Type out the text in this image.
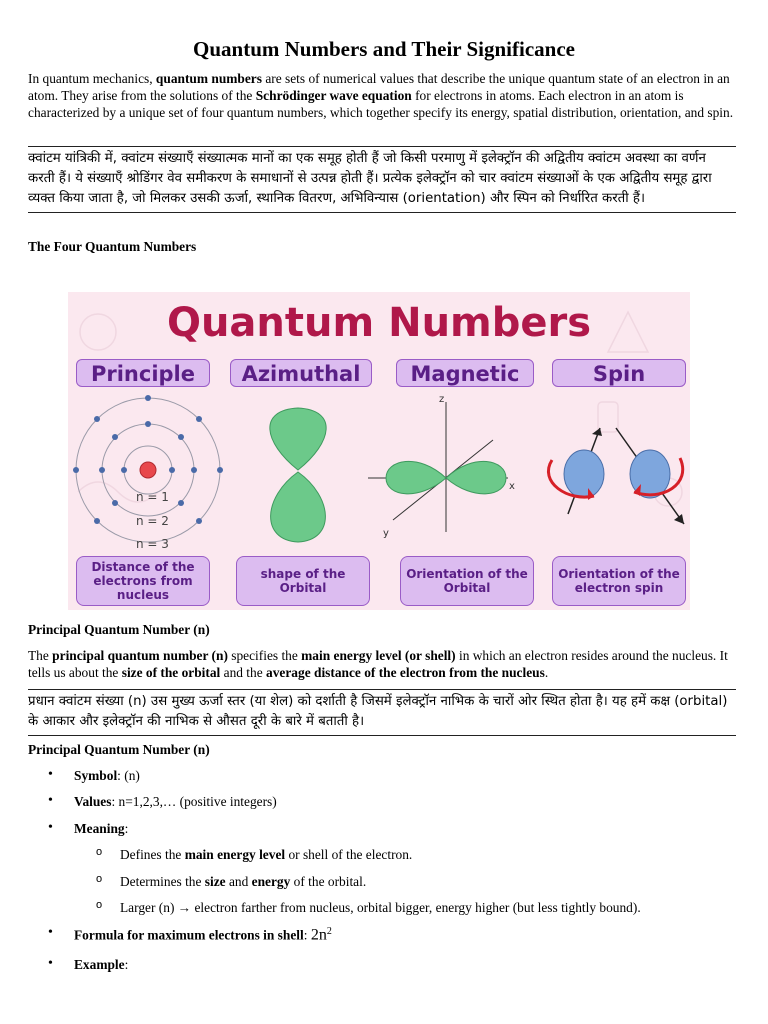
Quantum Numbers and Their Significance
In quantum mechanics, quantum numbers are sets of numerical values that describe the unique quantum state of an electron in an atom. They arise from the solutions of the Schrödinger wave equation for electrons in atoms. Each electron in an atom is characterized by a unique set of four quantum numbers, which together specify its energy, spatial distribution, orientation, and spin.
क्वांटम यांत्रिकी में, क्वांटम संख्याएँ संख्यात्मक मानों का एक समूह होती हैं जो किसी परमाणु में इलेक्ट्रॉन की अद्वितीय क्वांटम अवस्था का वर्णन करती हैं। ये संख्याएँ श्रोडिंगर वेव समीकरण के समाधानों से उत्पन्न होती हैं। प्रत्येक इलेक्ट्रॉन को चार क्वांटम संख्याओं के एक अद्वितीय समूह द्वारा व्यक्त किया जाता है, जो मिलकर उसकी ऊर्जा, स्थानिक वितरण, अभिविन्यास (orientation) और स्पिन को निर्धारित करती हैं।
The Four Quantum Numbers
n = 1
n = 2
n = 3
z
x
y
Quantum Numbers
Principle	Azimuthal	Magnetic	Spin
Distance of the electrons from nucleus
shape of the Orbital
Orientation of the Orbital
Orientation of the electron spin
Principal Quantum Number (n)
The principal quantum number (n) specifies the main energy level (or shell) in which an electron resides around the nucleus. It tells us about the size of the orbital and the average distance of the electron from the nucleus.
प्रधान क्वांटम संख्या (n) उस मुख्य ऊर्जा स्तर (या शेल) को दर्शाती है जिसमें इलेक्ट्रॉन नाभिक के चारों ओर स्थित होता है। यह हमें कक्ष (orbital) के आकार और इलेक्ट्रॉन की नाभिक से औसत दूरी के बारे में बताती है।
Principal Quantum Number (n)
• Symbol: (n)
• Values: n=1,2,3,… (positive integers)
• Meaning:
o Defines the main energy level or shell of the electron.
o Determines the size and energy of the orbital.
o Larger (n) → electron farther from nucleus, orbital bigger, energy higher (but less tightly bound).
• Formula for maximum electrons in shell: $2n^2$
• Example:
